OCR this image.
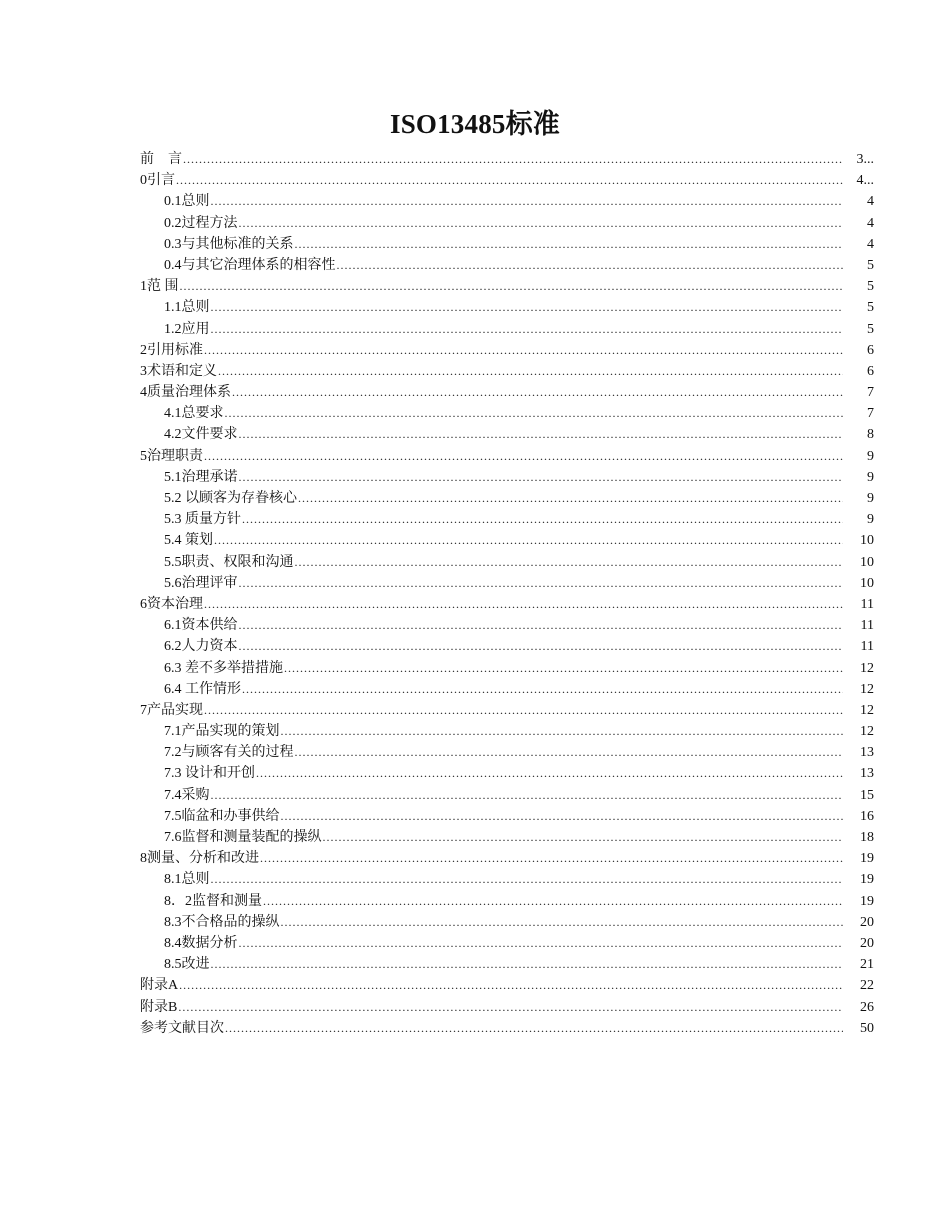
ISO13485标准
前　言 .....	3...
0引言 .....	4...
0.1总则 .....	4
0.2过程方法 .....	4
0.3与其他标准的关系 .....	4
0.4与其它治理体系的相容性 .....	5
1范 围 .....	5
1.1总则 .....	5
1.2应用 .....	5
2引用标准 .....	6
3术语和定义 .....	6
4质量治理体系 .....	7
4.1总要求 .....	7
4.2文件要求 .....	8
5治理职责 .....	9
5.1治理承诺 .....	9
5.2 以顾客为存眷核心 .....	9
5.3 质量方针 .....	9
5.4 策划 .....	10
5.5职责、权限和沟通 .....	10
5.6治理评审 .....	10
6资本治理 .....	11
6.1资本供给 .....	11
6.2人力资本 .....	11
6.3 差不多举措措施 .....	12
6.4 工作情形 .....	12
7产品实现 .....	12
7.1产品实现的策划 .....	12
7.2与顾客有关的过程 .....	13
7.3 设计和开创 .....	13
7.4采购 .....	15
7.5临盆和办事供给 .....	16
7.6监督和测量装配的操纵 .....	18
8测量、分析和改进 .....	19
8.1总则 .....	19
8．2监督和测量 .....	19
8.3不合格品的操纵 .....	20
8.4数据分析 .....	20
8.5改进 .....	21
附录A .....	22
附录B .....	26
参考文献目次 .....	50
